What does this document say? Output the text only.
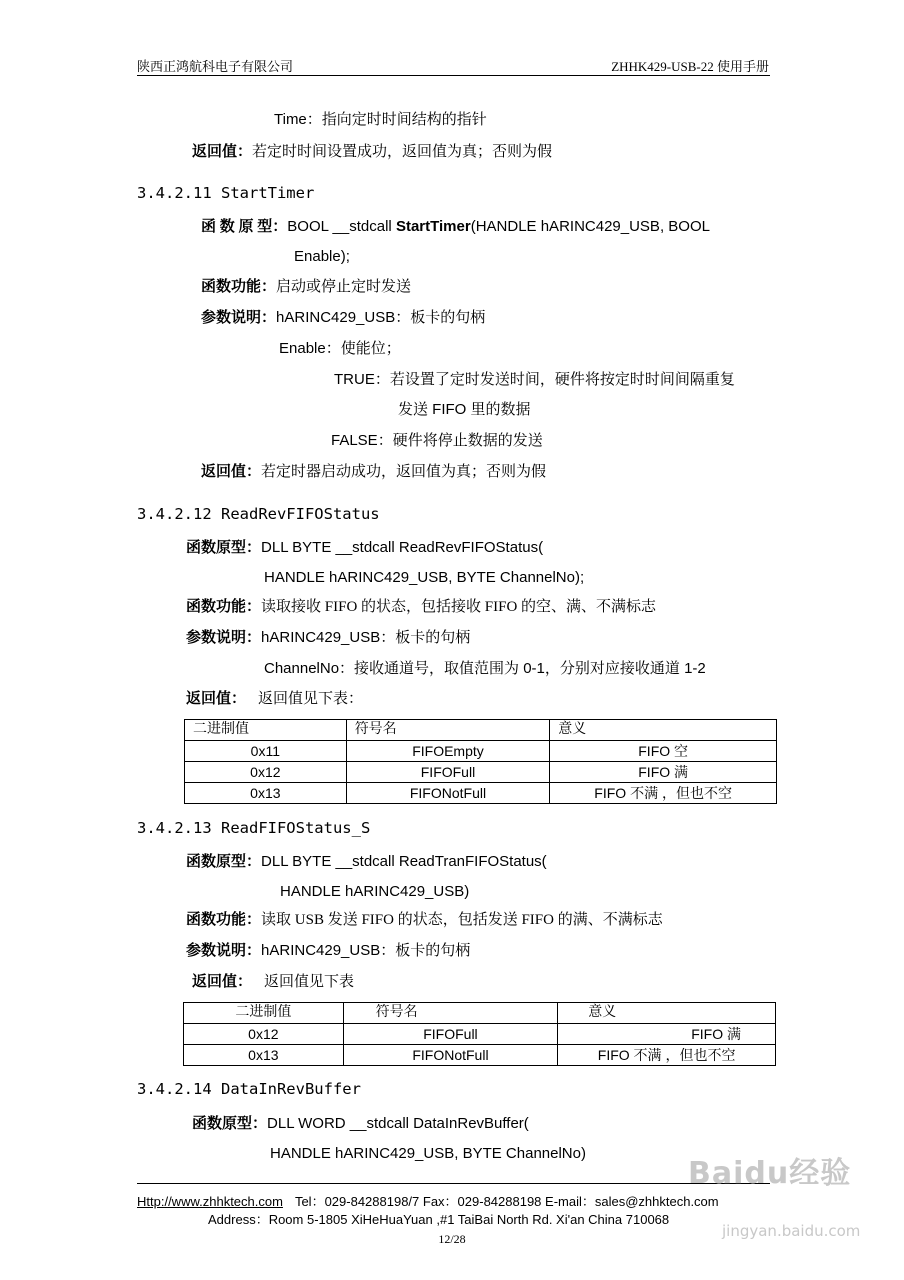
陕西正鸿航科电子有限公司	ZHHK429-USB-22 使用手册
Time：指向定时时间结构的指针
返回值：若定时时间设置成功，返回值为真；否则为假
3.4.2.11 StartTimer
函 数 原 型：BOOL __stdcall StartTimer(HANDLE hARINC429_USB, BOOL
Enable);
函数功能：启动或停止定时发送
参数说明：hARINC429_USB：板卡的句柄
Enable：使能位；
TRUE：若设置了定时发送时间，硬件将按定时时间间隔重复
发送 FIFO 里的数据
FALSE：硬件将停止数据的发送
返回值：若定时器启动成功，返回值为真；否则为假
3.4.2.12 ReadRevFIFOStatus
函数原型：DLL BYTE __stdcall ReadRevFIFOStatus(
HANDLE hARINC429_USB, BYTE ChannelNo);
函数功能：读取接收 FIFO 的状态，包括接收 FIFO 的空、满、不满标志
参数说明：hARINC429_USB：板卡的句柄
ChannelNo：接收通道号，取值范围为 0-1，分别对应接收通道 1-2
返回值： 返回值见下表：
二进制值	符号名	意义
0x11	FIFOEmpty	FIFO 空
0x12	FIFOFull	FIFO 满
0x13	FIFONotFull	FIFO 不满 ，但也不空
3.4.2.13 ReadFIFOStatus_S
函数原型：DLL BYTE __stdcall ReadTranFIFOStatus(
HANDLE hARINC429_USB)
函数功能：读取 USB 发送 FIFO 的状态，包括发送 FIFO 的满、不满标志
参数说明：hARINC429_USB：板卡的句柄
返回值： 返回值见下表
二进制值	符号名	意义
0x12	FIFOFull	FIFO 满
0x13	FIFONotFull	FIFO 不满 ，但也不空
3.4.2.14 DataInRevBuffer
函数原型：DLL WORD __stdcall DataInRevBuffer(
HANDLE hARINC429_USB, BYTE ChannelNo)
Http://www.zhhktech.com Tel：029-84288198/7 Fax：029-84288198 E-mail：sales@zhhktech.com
Address：Room 5-1805 XiHeHuaYuan ,#1 TaiBai North Rd. Xi'an China 710068
12/28
Baidu经验
jingyan.baidu.com
